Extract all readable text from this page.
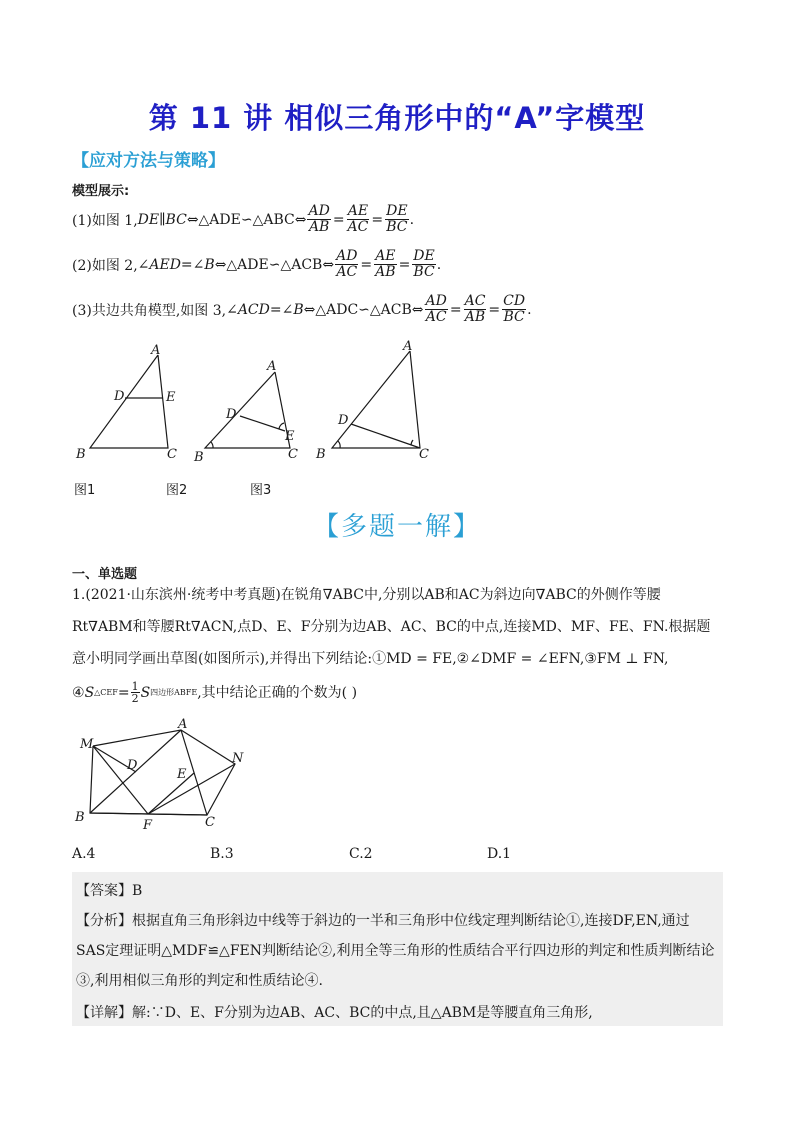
第 11 讲 相似三角形中的“A”字模型
【应对方法与策略】
模型展示:
(1)如图 1, DE∥BC ⇔△ADE∽△ABC⇔ $\frac{AD}{AB} = \frac{AE}{AC} = \frac{DE}{BC}$ .
(2)如图 2, ∠AED=∠B ⇔△ADE∽△ACB⇔ $\frac{AD}{AC} = \frac{AE}{AB} = \frac{DE}{BC}$ .
(3)共边共角模型,如图 3, ∠ACD=∠B ⇔△ADC∽△ACB⇔ $\frac{AD}{AC} = \frac{AC}{AB} = \frac{CD}{BC}$ .
A
D	E
B	C
A
D
E
B	C
A
D
B	C
图1	图2	图3
【多题一解】
一、单选题
1.(2021·山东滨州·统考中考真题)在锐角∇ABC中,分别以AB和AC为斜边向∇ABC的外侧作等腰
Rt∇ABM和等腰Rt∇ACN,点D、E、F分别为边AB、AC、BC的中点,连接MD、MF、FE、FN.根据题
意小明同学画出草图(如图所示),并得出下列结论:①MD = FE,②∠DMF = ∠EFN,③FM ⊥ FN,
④ S △CEF = $\frac{1}{2}$ S 四边形ABFE ,其中结论正确的个数为( )
M
A
N
D
E
B
F	C
A.4	B.3	C.2	D.1
【答案】B
【分析】根据直角三角形斜边中线等于斜边的一半和三角形中位线定理判断结论①,连接DF,EN,通过
SAS定理证明△MDF≌△FEN判断结论②,利用全等三角形的性质结合平行四边形的判定和性质判断结论
③,利用相似三角形的判定和性质结论④.
【详解】解:∵D、E、F分别为边AB、AC、BC的中点,且△ABM是等腰直角三角形,
